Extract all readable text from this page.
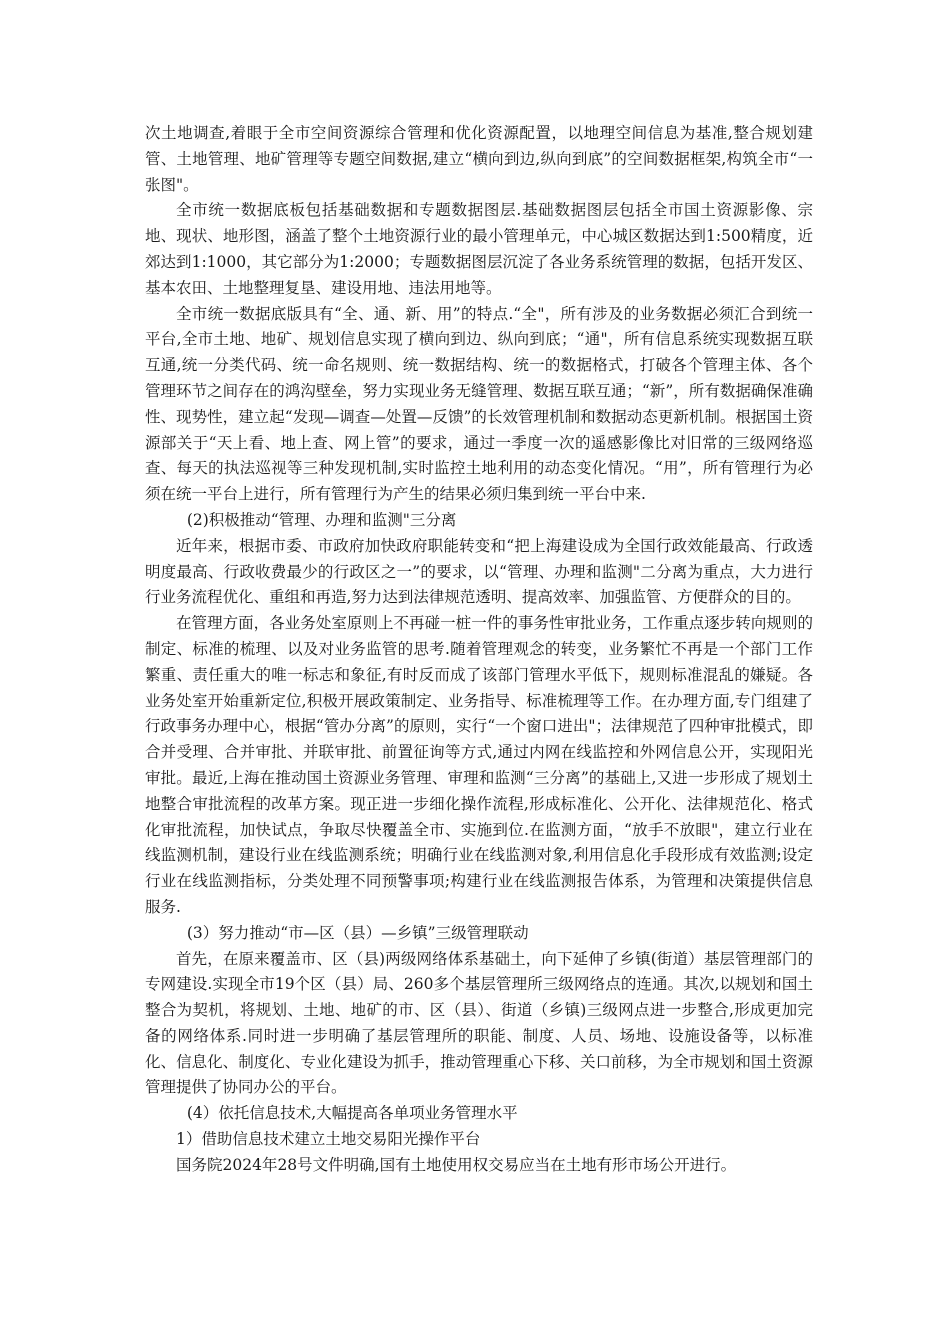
次土地调查,着眼于全市空间资源综合管理和优化资源配置，以地理空间信息为基准,整合规划建管、土地管理、地矿管理等专题空间数据,建立“横向到边,纵向到底”的空间数据框架,构筑全市“一张图"。

全市统一数据底板包括基础数据和专题数据图层.基础数据图层包括全市国土资源影像、宗地、现状、地形图，涵盖了整个土地资源行业的最小管理单元，中心城区数据达到1:500精度，近郊达到1:1000，其它部分为1:2000；专题数据图层沉淀了各业务系统管理的数据，包括开发区、基本农田、土地整理复垦、建设用地、违法用地等。

全市统一数据底版具有“全、通、新、用”的特点.“全"，所有涉及的业务数据必须汇合到统一平台,全市土地、地矿、规划信息实现了横向到边、纵向到底；“通"，所有信息系统实现数据互联互通,统一分类代码、统一命名规则、统一数据结构、统一的数据格式，打破各个管理主体、各个管理环节之间存在的鸿沟壁垒，努力实现业务无缝管理、数据互联互通；“新”，所有数据确保准确性、现势性，建立起“发现—调查—处置—反馈”的长效管理机制和数据动态更新机制。根据国土资源部关于“天上看、地上查、网上管”的要求，通过一季度一次的遥感影像比对旧常的三级网络巡查、每天的执法巡视等三种发现机制,实时监控土地利用的动态变化情况。“用”，所有管理行为必须在统一平台上进行，所有管理行为产生的结果必须归集到统一平台中来.

(2)积极推动“管理、办理和监测"三分离

近年来，根据市委、市政府加快政府职能转变和“把上海建设成为全国行政效能最高、行政透明度最高、行政收费最少的行政区之一”的要求，以“管理、办理和监测"二分离为重点，大力进行行业务流程优化、重组和再造,努力达到法律规范透明、提高效率、加强监管、方便群众的目的。

在管理方面，各业务处室原则上不再碰一桩一件的事务性审批业务，工作重点逐步转向规则的制定、标准的梳理、以及对业务监管的思考.随着管理观念的转变，业务繁忙不再是一个部门工作繁重、责任重大的唯一标志和象征,有时反而成了该部门管理水平低下，规则标准混乱的嫌疑。各业务处室开始重新定位,积极开展政策制定、业务指导、标准梳理等工作。在办理方面,专门组建了行政事务办理中心，根据“管办分离”的原则，实行“一个窗口进出"；法律规范了四种审批模式，即合并受理、合并审批、并联审批、前置征询等方式,通过内网在线监控和外网信息公开，实现阳光审批。最近,上海在推动国土资源业务管理、审理和监测“三分离”的基础上,又进一步形成了规划土地整合审批流程的改革方案。现正进一步细化操作流程,形成标准化、公开化、法律规范化、格式化审批流程，加快试点，争取尽快覆盖全市、实施到位.在监测方面，“放手不放眼"，建立行业在线监测机制，建设行业在线监测系统；明确行业在线监测对象,利用信息化手段形成有效监测;设定行业在线监测指标，分类处理不同预警事项;构建行业在线监测报告体系，为管理和决策提供信息服务.

(3）努力推动“市—区（县）—乡镇”三级管理联动

首先，在原来覆盖市、区（县)两级网络体系基础土，向下延伸了乡镇(街道）基层管理部门的专网建设.实现全市19个区（县）局、260多个基层管理所三级网络点的连通。其次,以规划和国土整合为契机，将规划、土地、地矿的市、区（县）、街道（乡镇)三级网点进一步整合,形成更加完备的网络体系.同时进一步明确了基层管理所的职能、制度、人员、场地、设施设备等，以标准化、信息化、制度化、专业化建设为抓手，推动管理重心下移、关口前移，为全市规划和国土资源管理提供了协同办公的平台。

(4）依托信息技术,大幅提高各单项业务管理水平

1）借助信息技术建立土地交易阳光操作平台

国务院2024年28号文件明确,国有土地使用权交易应当在土地有形市场公开进行。
